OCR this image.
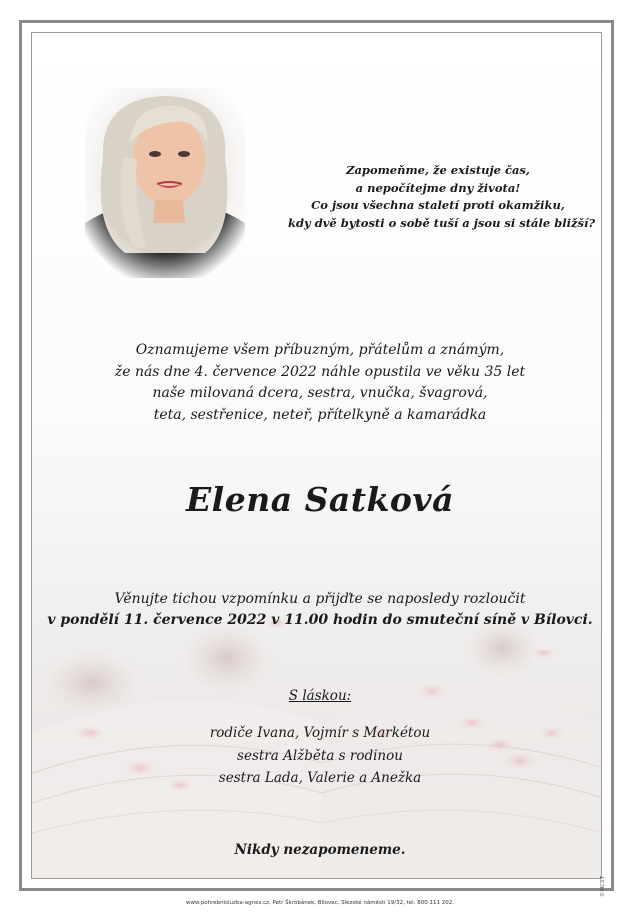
Zapomeňme, že existuje čas,
a nepočítejme dny života!
Co jsou všechna staletí proti okamžiku,
kdy dvě bytosti o sobě tuší a jsou si stále bližší?
Oznamujeme všem příbuzným, přátelům a známým,
že nás dne 4. července 2022 náhle opustila ve věku 35 let
naše milovaná dcera, sestra, vnučka, švagrová,
teta, sestřenice, neteř, přítelkyně a kamarádka
Elena Satková
Věnujte tichou vzpomínku a přijďte se naposledy rozloučit
v pondělí 11. července 2022 v 11.00 hodin do smuteční síně v Bílovci.
S láskou:
rodiče Ivana, Vojmír s Markétou
sestra Alžběta s rodinou
sestra Lada, Valerie a Anežka
Nikdy nezapomeneme.
www.pohrebnisluzba-agnes.cz, Petr Škrobánek, Bílovec, Slezské náměstí 19/32, tel. 800 111 202.
©MCST
